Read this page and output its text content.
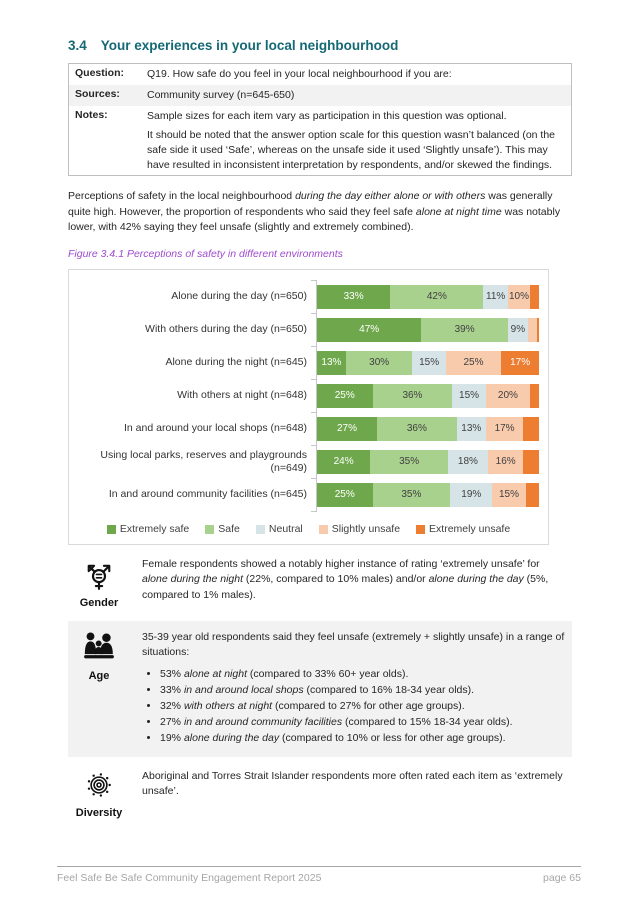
3.4 Your experiences in your local neighbourhood
Question:	Q19. How safe do you feel in your local neighbourhood if you are:

Sources:	Community survey (n=645-650)

Notes:	Sample sizes for each item vary as participation in this question was optional.

It should be noted that the answer option scale for this question wasn’t balanced (on the safe side it used ‘Safe’, whereas on the unsafe side it used ‘Slightly unsafe’). This may have resulted in inconsistent interpretation by respondents, and/or skewed the findings.

Perceptions of safety in the local neighbourhood during the day either alone or with others was generally quite high. However, the proportion of respondents who said they feel safe alone at night time was notably lower, with 42% saying they feel unsafe (slightly and extremely combined).

Figure 3.4.1 Perceptions of safety in different environments

Alone during the day (n=650)	33%	42%	11% 10%
With others during the day (n=650)	47%	39%	9%
Alone during the night (n=645) 13%	30%	15% 25%	17%
With others at night (n=648)	25%	36%	15% 20%
In and around your local shops (n=648)	27%	36%	13% 17%
Using local parks, reserves and playgrounds (n=649)	24%	35%	18% 16%
In and around community facilities (n=645)	25%	35%	19% 15%
Extremely safe	Safe	Neutral	Slightly unsafe	Extremely unsafe
Gender
Female respondents showed a notably higher instance of rating ‘extremely unsafe’ for alone during the night (22%, compared to 10% males) and/or alone during the day (5%, compared to 1% males).
Age
35-39 year old respondents said they feel unsafe (extremely + slightly unsafe) in a range of situations:
• 53% alone at night (compared to 33% 60+ year olds).
• 33% in and around local shops (compared to 16% 18-34 year olds).
• 32% with others at night (compared to 27% for other age groups).
• 27% in and around community facilities (compared to 15% 18-34 year olds).
• 19% alone during the day (compared to 10% or less for other age groups).
Diversity
Aboriginal and Torres Strait Islander respondents more often rated each item as ‘extremely unsafe’.
Feel Safe Be Safe Community Engagement Report 2025	page 65
